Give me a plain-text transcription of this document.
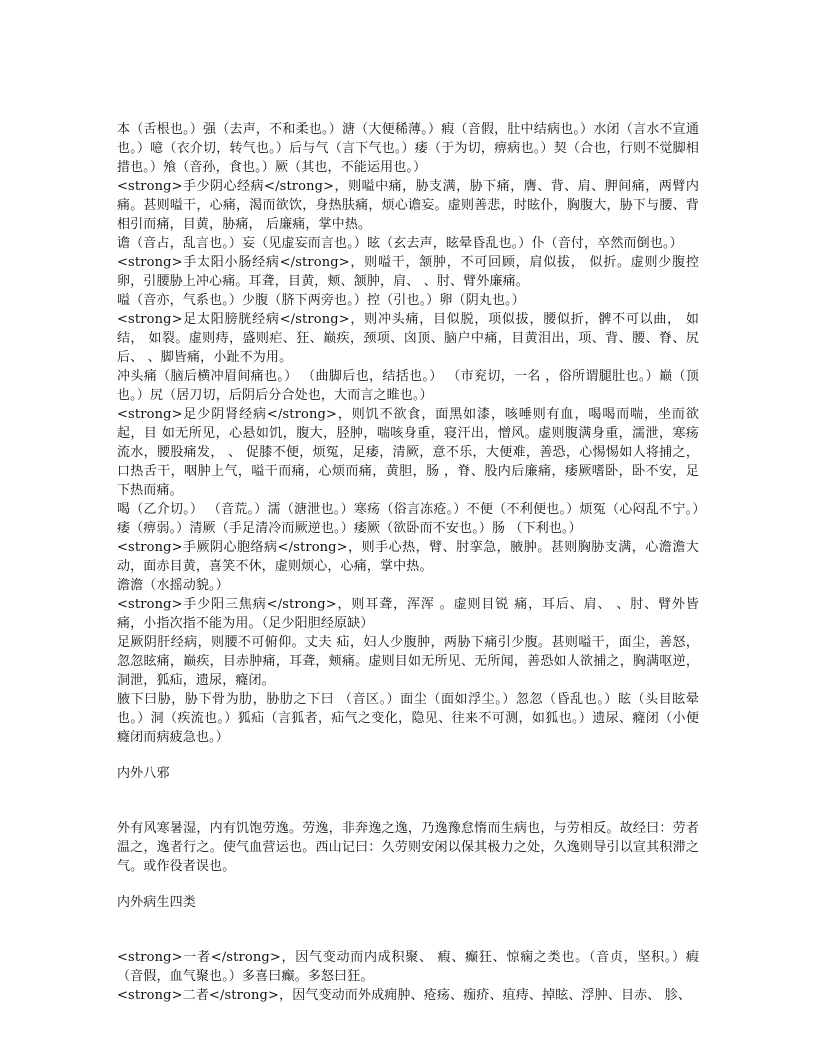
本（舌根也。）强（去声，不和柔也。）溏（大便稀薄。）瘕（音假，肚中结病也。）水闭（言水不宣通也。）噫（衣介切，转气也。）后与气（言下气也。）痿（于为切，痹病也。）契（合也，行则不觉脚相措也。）飧（音孙，食也。）厥（其也，不能运用也。）

<strong>手少阴心经病</strong>，则嗌中痛，胁支满，胁下痛，膺、背、肩、胛间痛，两臂内痛。甚则嗌干，心痛，渴而欲饮，身热肤痛，烦心谵妄。虚则善悲，时眩仆，胸腹大，胁下与腰、背相引而痛，目黄，胁痛， 后廉痛，掌中热。

谵（音占，乱言也。）妄（见虚妄而言也。）眩（玄去声，眩晕昏乱也。）仆（音付，卒然而倒也。）

<strong>手太阳小肠经病</strong>，则嗌干，颔肿，不可回顾，肩似拔， 似折。虚则少腹控卵，引腰胁上冲心痛。耳聋，目黄，颊、颔肿，肩、 、肘、臂外廉痛。

嗌（音亦，气系也。）少腹（脐下两旁也。）控（引也。）卵（阴丸也。）

<strong>足太阳膀胱经病</strong>，则冲头痛，目似脱，项似拔，腰似折，髀不可以曲， 如结， 如裂。虚则痔，盛则疟、狂、巅疾，颈项、囟顶、脑户中痛，目黄泪出，项、背、腰、脊、尻后、 、脚皆痛，小趾不为用。

冲头痛（脑后横冲眉间痛也。） （曲脚后也，结括也。） （市兖切，一名 ，俗所谓腿肚也。）巅（顶也。）尻（居刀切，后阴后分合处也，大而言之睢也。）

<strong>足少阴肾经病</strong>，则饥不欲食，面黑如漆，咳唾则有血，喝喝而喘，坐而欲起，目 如无所见，心悬如饥，腹大，胫肿，喘咳身重，寝汗出，憎风。虚则腹满身重，濡泄，寒疡流水，腰股痛发， 、 促膝不便，烦冤，足痿，清厥，意不乐，大便难，善恐，心惕惕如人将捕之，口热舌干，咽肿上气，嗌干而痛，心烦而痛，黄胆，肠 ，脊、股内后廉痛，痿厥嗜卧，卧不安，足下热而痛。

喝（乙介切。） （音荒。）濡（溏泄也。）寒疡（俗言冻疮。）不便（不利便也。）烦冤（心闷乱不宁。）痿（痹弱。）清厥（手足清冷而厥逆也。）痿厥（欲卧而不安也。）肠 （下利也。）

<strong>手厥阴心胞络病</strong>，则手心热，臂、肘挛急，腋肿。甚则胸胁支满，心澹澹大动，面赤目黄，喜笑不休，虚则烦心，心痛，掌中热。

澹澹（水摇动貌。）

<strong>手少阳三焦病</strong>，则耳聋，浑浑 。虚则目锐 痛，耳后、肩、 、肘、臂外皆痛，小指次指不能为用。（足少阳胆经原缺）

足厥阴肝经病，则腰不可俯仰。丈夫 疝，妇人少腹肿，两胁下痛引少腹。甚则嗌干，面尘，善怒，忽忽眩痛，巅疾，目赤肿痛，耳聋，颊痛。虚则目如无所见、无所闻，善恐如人欲捕之，胸满呕逆，洞泄，狐疝，遗尿，癃闭。

腋下曰胁，胁下骨为肋，胁肋之下曰 （音区。）面尘（面如浮尘。）忽忽（昏乱也。）眩（头目眩晕也。）洞（疾流也。）狐疝（言狐者，疝气之变化，隐见、往来不可测，如狐也。）遗尿、癃闭（小便癃闭而病疲急也。）

内外八邪

外有风寒暑湿，内有饥饱劳逸。劳逸，非奔逸之逸，乃逸豫怠惰而生病也，与劳相反。故经曰：劳者温之，逸者行之。使气血营运也。西山记曰：久劳则安闲以保其极力之处，久逸则导引以宣其积滞之气。或作役者误也。

内外病生四类

<strong>一者</strong>，因气变动而内成积聚、 瘕、癫狂、惊痫之类也。（音贞，坚积。）瘕（音假，血气聚也。）多喜曰癫。多怒曰狂。

<strong>二者</strong>，因气变动而外成痈肿、疮疡、痂疥、疽痔、掉眩、浮肿、目赤、 胗、
